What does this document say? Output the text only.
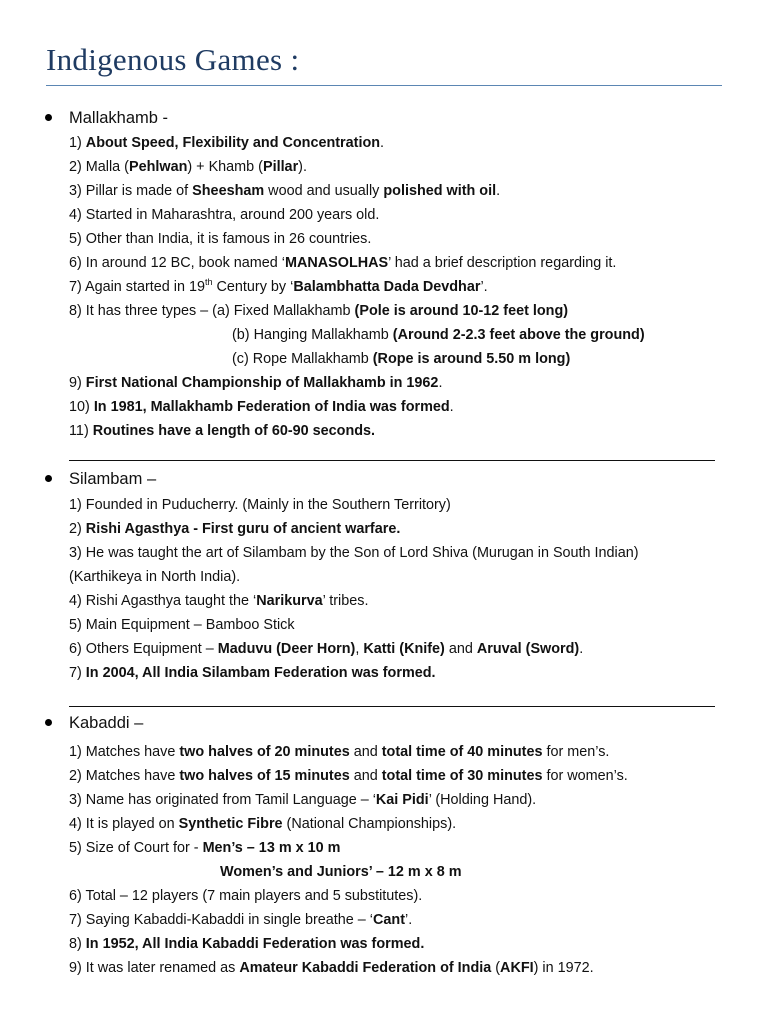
Indigenous Games :
Mallakhamb -
1) About Speed, Flexibility and Concentration.
2) Malla (Pehlwan) + Khamb (Pillar).
3) Pillar is made of Sheesham wood and usually polished with oil.
4) Started in Maharashtra, around 200 years old.
5) Other than India, it is famous in 26 countries.
6) In around 12 BC, book named ‘MANASOLHAS’ had a brief description regarding it.
7) Again started in 19th Century by ‘Balambhatta Dada Devdhar’.
8) It has three types – (a) Fixed Mallakhamb (Pole is around 10-12 feet long)
(b) Hanging Mallakhamb (Around 2-2.3 feet above the ground)
(c) Rope Mallakhamb (Rope is around 5.50 m long)
9) First National Championship of Mallakhamb in 1962.
10) In 1981, Mallakhamb Federation of India was formed.
11) Routines have a length of 60-90 seconds.
Silambam –
1) Founded in Puducherry. (Mainly in the Southern Territory)
2) Rishi Agasthya - First guru of ancient warfare.
3) He was taught the art of Silambam by the Son of Lord Shiva (Murugan in South Indian)
(Karthikeya in North India).
4) Rishi Agasthya taught the ‘Narikurva’ tribes.
5) Main Equipment – Bamboo Stick
6) Others Equipment – Maduvu (Deer Horn), Katti (Knife) and Aruval (Sword).
7) In 2004, All India Silambam Federation was formed.
Kabaddi –
1) Matches have two halves of 20 minutes and total time of 40 minutes for men’s.
2) Matches have two halves of 15 minutes and total time of 30 minutes for women’s.
3) Name has originated from Tamil Language – ‘Kai Pidi’ (Holding Hand).
4) It is played on Synthetic Fibre (National Championships).
5) Size of Court for - Men’s – 13 m x 10 m
Women’s and Juniors’ – 12 m x 8 m
6) Total – 12 players (7 main players and 5 substitutes).
7) Saying Kabaddi-Kabaddi in single breathe – ‘Cant’.
8) In 1952, All India Kabaddi Federation was formed.
9) It was later renamed as Amateur Kabaddi Federation of India (AKFI) in 1972.
